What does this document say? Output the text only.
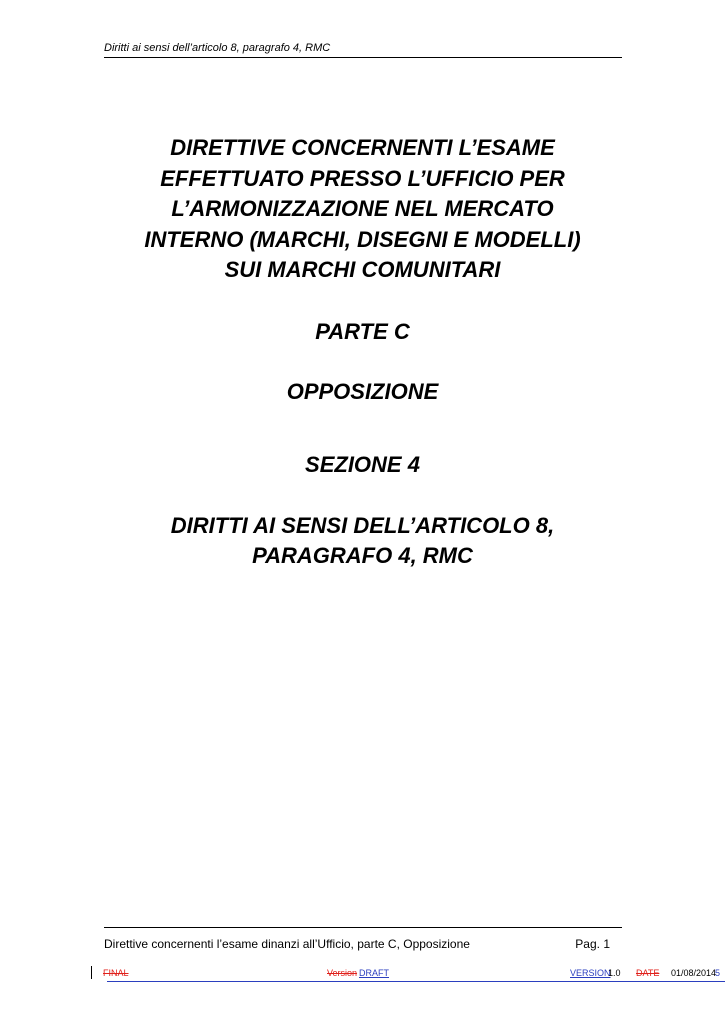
Diritti ai sensi dell’articolo 8, paragrafo 4, RMC
DIRETTIVE CONCERNENTI L’ESAME
EFFETTUATO PRESSO L’UFFICIO PER
L’ARMONIZZAZIONE NEL MERCATO
INTERNO (MARCHI, DISEGNI E MODELLI)
SUI MARCHI COMUNITARI
PARTE C
OPPOSIZIONE
SEZIONE 4
DIRITTI AI SENSI DELL’ARTICOLO 8,
PARAGRAFO 4, RMC
Direttive concernenti l’esame dinanzi all’Ufficio, parte C, Opposizione	Pag. 1
FINAL	Version DRAFT	VERSION
1.0 DATE 01/08/2014
5
